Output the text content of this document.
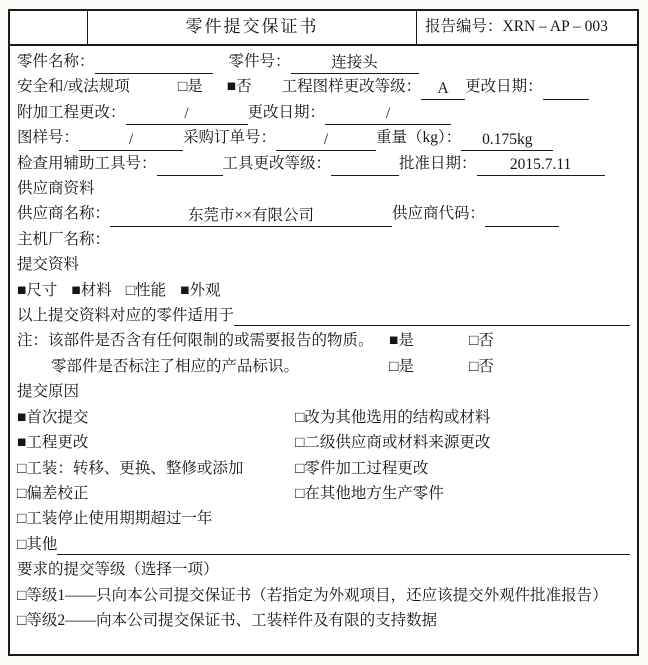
零件提交保证书	报告编号：XRN – AP – 003
零件名称：	零件号：	连接头
安全和/或法规项	□是 ■否 工程图样更改等级： A 更改日期：
附加工程更改：	/	更改日期：	/
图样号：	/	采购订单号：	/	重量（kg）： 0.175kg
检查用辅助工具号：	工具更改等级：	批准日期： 2015.7.11
供应商资料
供应商名称：	东莞市××有限公司	供应商代码：
主机厂名称：
提交资料
■尺寸 ■材料 □性能 ■外观
以上提交资料对应的零件适用于
注：该部件是否含有任何限制的或需要报告的物质。 ■是	□否
零部件是否标注了相应的产品标识。	□是	□否
提交原因
■首次提交	□改为其他选用的结构或材料
■工程更改	□二级供应商或材料来源更改
□工装：转移、更换、整修或添加	□零件加工过程更改
□偏差校正	□在其他地方生产零件
□工装停止使用期期超过一年
□其他
要求的提交等级（选择一项）
□等级1——只向本公司提交保证书（若指定为外观项目，还应该提交外观件批准报告）
□等级2——向本公司提交保证书、工装样件及有限的支持数据
